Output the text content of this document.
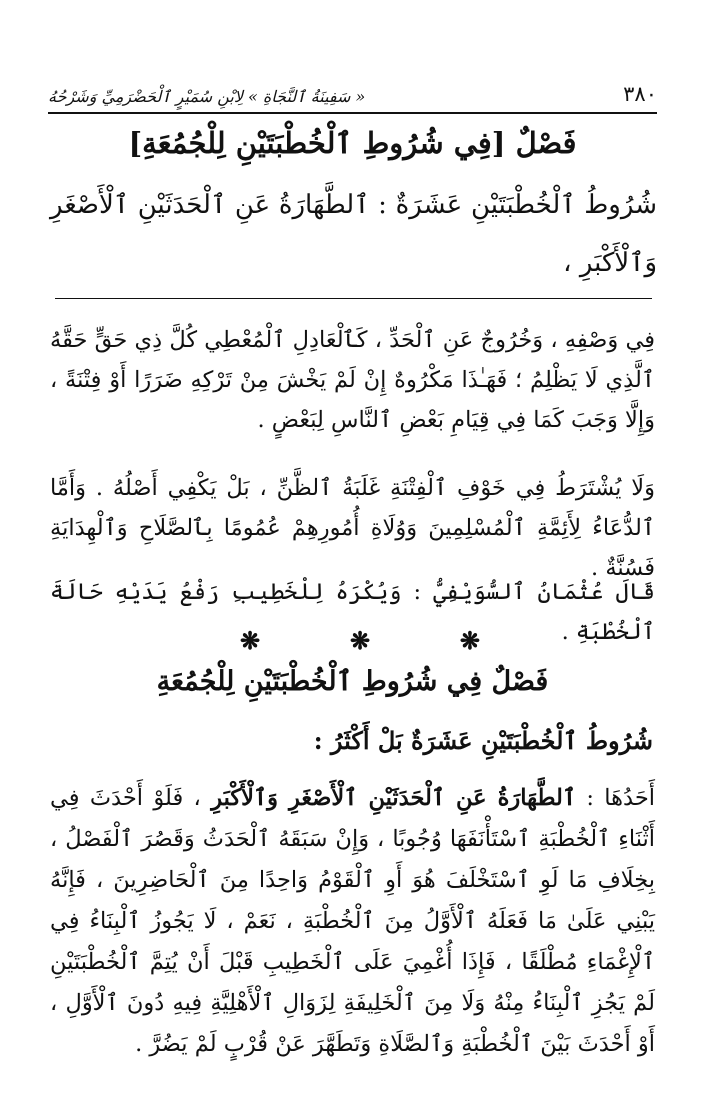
٣٨٠
« سَفِينَةُ ٱلنَّجَاةِ » لِابْنِ سُمَيْرٍ ٱلْحَضْرَمِيِّ وَشَرْحُهُ
فَصْلٌ [فِي شُرُوطِ ٱلْخُطْبَتَيْنِ لِلْجُمُعَةِ]
شُرُوطُ ٱلْخُطْبَتَيْنِ عَشَرَةٌ : ٱلطَّهَارَةُ عَنِ ٱلْحَدَثَيْنِ ٱلْأَصْغَرِ وَٱلْأَكْبَرِ ،
فِي وَصْفِهِ ، وَخُرُوجٌ عَنِ ٱلْحَدِّ ، كَٱلْعَادِلِ ٱلْمُعْطِي كُلَّ ذِي حَقٍّ حَقَّهُ ٱلَّذِي لَا يَظْلِمُ ؛ فَهَـٰذَا مَكْرُوهٌ إِنْ لَمْ يَخْشَ مِنْ تَرْكِهِ ضَرَرًا أَوْ فِتْنَةً ، وَإِلَّا وَجَبَ كَمَا فِي قِيَامِ بَعْضِ ٱلنَّاسِ لِبَعْضٍ .
وَلَا يُشْتَرَطُ فِي خَوْفِ ٱلْفِتْنَةِ غَلَبَةُ ٱلظَّنِّ ، بَلْ يَكْفِي أَصْلُهُ . وَأَمَّا ٱلدُّعَاءُ لِأَئِمَّةِ ٱلْمُسْلِمِينَ وَوُلَاةِ أُمُورِهِمْ عُمُومًا بِٱلصَّلَاحِ وَٱلْهِدَايَةِ فَسُنَّةٌ .
قَالَ عُثْمَانُ ٱلسُّوَيْفِيُّ : وَيُكْرَهُ لِلْخَطِيبِ رَفْعُ يَدَيْهِ حَالَةَ ٱلْخُطْبَةِ .
❋	❋	❋
فَصْلٌ فِي شُرُوطِ ٱلْخُطْبَتَيْنِ لِلْجُمُعَةِ
شُرُوطُ ٱلْخُطْبَتَيْنِ عَشَرَةٌ بَلْ أَكْثَرُ :
أَحَدُهَا : ٱلطَّهَارَةُ عَنِ ٱلْحَدَثَيْنِ ٱلْأَصْغَرِ وَٱلْأَكْبَرِ ، فَلَوْ أَحْدَثَ فِي أَثْنَاءِ ٱلْخُطْبَةِ ٱسْتَأْنَفَهَا وُجُوبًا ، وَإِنْ سَبَقَهُ ٱلْحَدَثُ وَقَصُرَ ٱلْفَصْلُ ، بِخِلَافِ مَا لَوِ ٱسْتَخْلَفَ هُوَ أَوِ ٱلْقَوْمُ وَاحِدًا مِنَ ٱلْحَاضِرِينَ ، فَإِنَّهُ يَبْنِي عَلَىٰ مَا فَعَلَهُ ٱلْأَوَّلُ مِنَ ٱلْخُطْبَةِ ، نَعَمْ ، لَا يَجُوزُ ٱلْبِنَاءُ فِي ٱلْإِغْمَاءِ مُطْلَقًا ، فَإِذَا أُغْمِيَ عَلَى ٱلْخَطِيبِ قَبْلَ أَنْ يُتِمَّ ٱلْخُطْبَتَيْنِ لَمْ يَجُزِ ٱلْبِنَاءُ مِنْهُ وَلَا مِنَ ٱلْخَلِيفَةِ لِزَوَالِ ٱلْأَهْلِيَّةِ فِيهِ دُونَ ٱلْأَوَّلِ ، أَوْ أَحْدَثَ بَيْنَ ٱلْخُطْبَةِ وَٱلصَّلَاةِ وَتَطَهَّرَ عَنْ قُرْبٍ لَمْ يَضُرَّ .
